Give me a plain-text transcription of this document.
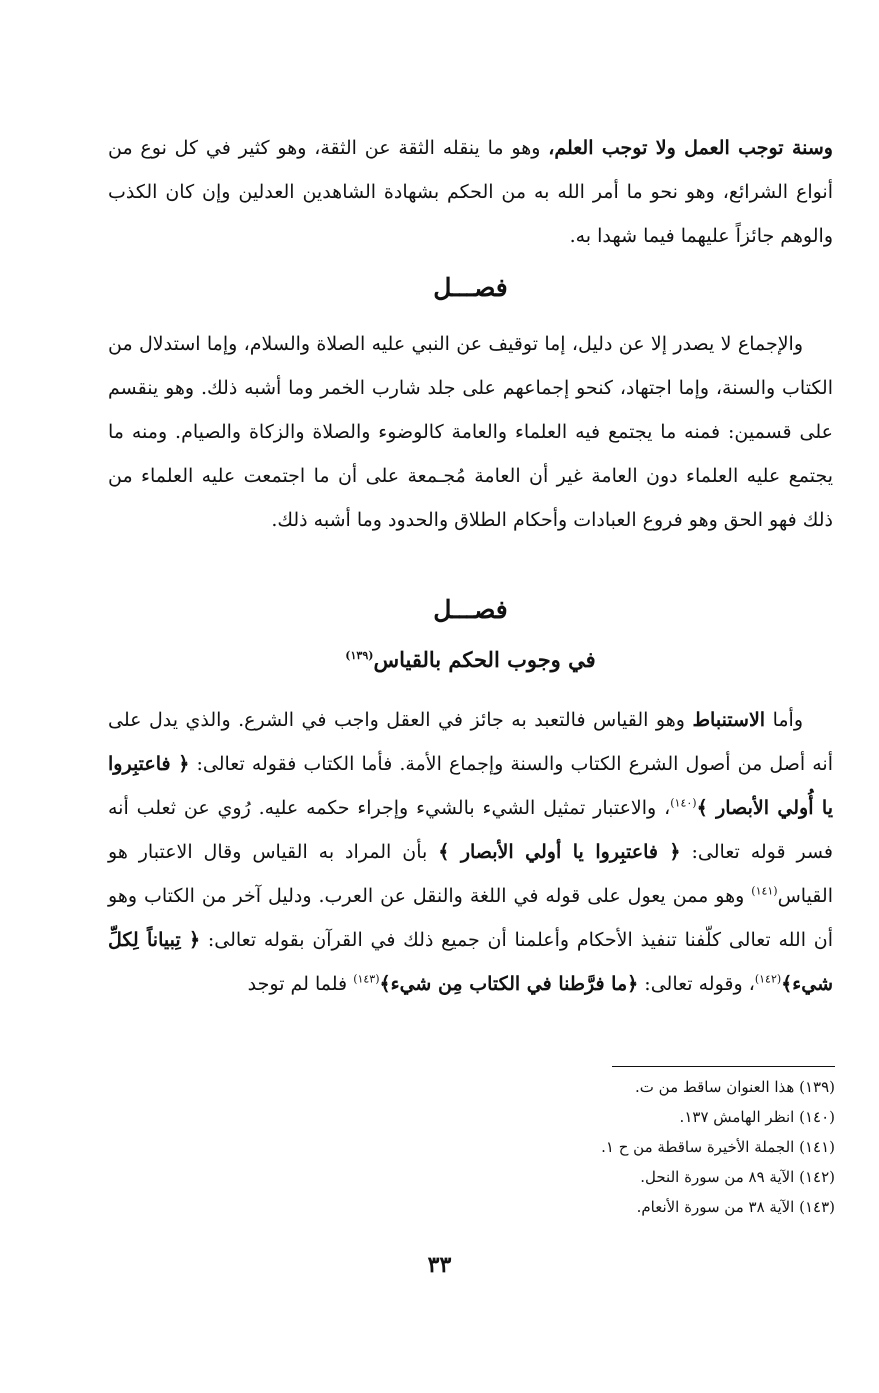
وسنة توجب العمل ولا توجب العلم، وهو ما ينقله الثقة عن الثقة، وهو كثير في كل نوع من أنواع الشرائع، وهو نحو ما أمر الله به من الحكم بشهادة الشاهدين العدلين وإن كان الكذب والوهم جائزاً عليهما فيما شهدا به.

فصـــل

والإجماع لا يصدر إلا عن دليل، إما توقيف عن النبي عليه الصلاة والسلام، وإما استدلال من الكتاب والسنة، وإما اجتهاد، كنحو إجماعهم على جلد شارب الخمر وما أشبه ذلك. وهو ينقسم على قسمين: فمنه ما يجتمع فيه العلماء والعامة كالوضوء والصلاة والزكاة والصيام. ومنه ما يجتمع عليه العلماء دون العامة غير أن العامة مُجـمعة على أن ما اجتمعت عليه العلماء من ذلك فهو الحق وهو فروع العبادات وأحكام الطلاق والحدود وما أشبه ذلك.

فصـــل
في وجوب الحكم بالقياس$^{(١٣٩)}$

وأما الاستنباط وهو القياس فالتعبد به جائز في العقل واجب في الشرع. والذي يدل على أنه أصل من أصول الشرع الكتاب والسنة وإجماع الأمة. فأما الكتاب فقوله تعالى: ﴿ فاعتبِروا يا أُولي الأبصار ﴾$^{(١٤٠)}$، والاعتبار تمثيل الشيء بالشيء وإجراء حكمه عليه. رُوي عن ثعلب أنه فسر قوله تعالى: ﴿ فاعتبِروا يا أولي الأبصار ﴾ بأن المراد به القياس وقال الاعتبار هو القياس$^{(١٤١)}$ وهو ممن يعول على قوله في اللغة والنقل عن العرب. ودليل آخر من الكتاب وهو أن الله تعالى كلّفنا تنفيذ الأحكام وأعلمنا أن جميع ذلك في القرآن بقوله تعالى: ﴿ تِبياناً لِكلِّ شيء﴾$^{(١٤٢)}$، وقوله تعالى: ﴿ما فرَّطنا في الكتاب مِن شيء﴾$^{(١٤٣)}$ فلما لم توجد

(١٣٩) هذا العنوان ساقط من ت.
(١٤٠) انظر الهامش ١٣٧.
(١٤١) الجملة الأخيرة ساقطة من ح ١.
(١٤٢) الآية ٨٩ من سورة النحل.
(١٤٣) الآية ٣٨ من سورة الأنعام.
٣٣
